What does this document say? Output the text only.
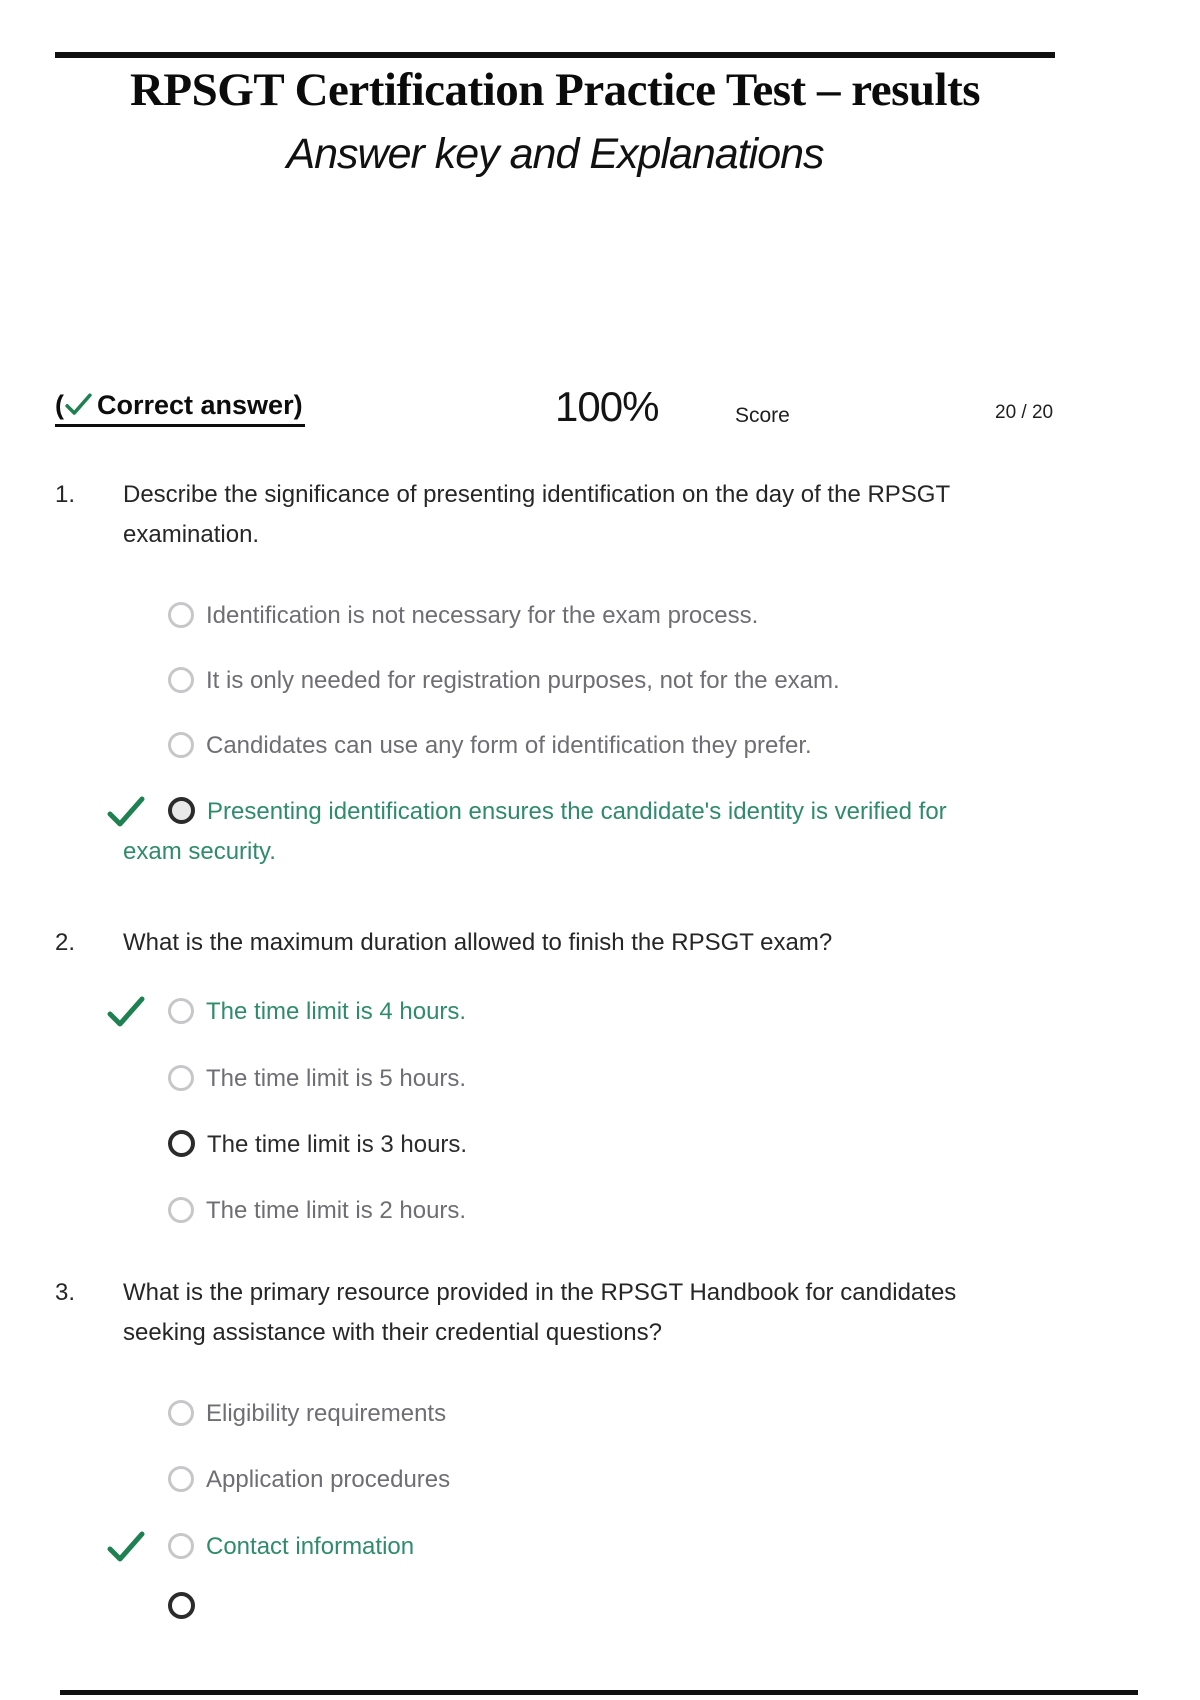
RPSGT Certification Practice Test – results
Answer key and Explanations
( Correct answer)	100%	Score	20 / 20
1. Describe the significance of presenting identification on the day of the RPSGT examination.
Identification is not necessary for the exam process.
It is only needed for registration purposes, not for the exam.
Candidates can use any form of identification they prefer.
Presenting identification ensures the candidate's identity is verified for exam security.
2. What is the maximum duration allowed to finish the RPSGT exam?
The time limit is 4 hours.
The time limit is 5 hours.
The time limit is 3 hours.
The time limit is 2 hours.
3. What is the primary resource provided in the RPSGT Handbook for candidates seeking assistance with their credential questions?
Eligibility requirements
Application procedures
Contact information
